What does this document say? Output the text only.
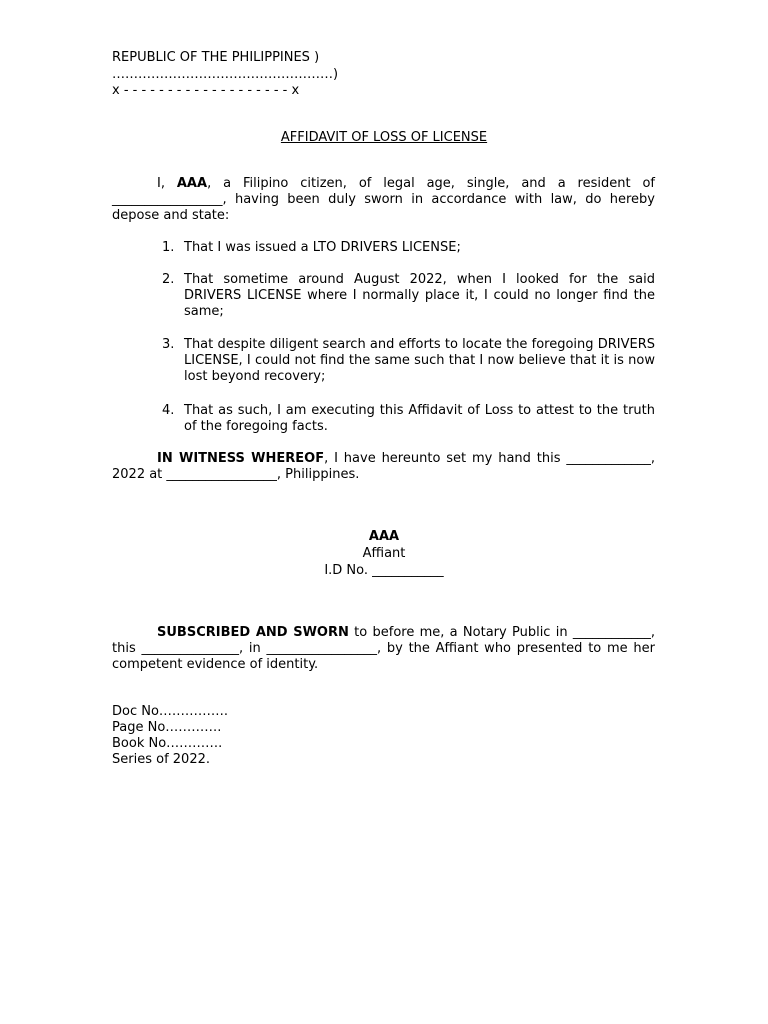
REPUBLIC OF THE PHILIPPINES )
……………………………………………)
x - - - - - - - - - - - - - - - - - - - x
AFFIDAVIT OF LOSS OF LICENSE
I, AAA, a Filipino citizen, of legal age, single, and a resident of _________________, having been duly sworn in accordance with law, do hereby depose and state:
1. That I was issued a LTO DRIVERS LICENSE;
2. That sometime around August 2022, when I looked for the said DRIVERS LICENSE where I normally place it, I could no longer find the same;
3. That despite diligent search and efforts to locate the foregoing DRIVERS LICENSE, I could not find the same such that I now believe that it is now lost beyond recovery;
4. That as such, I am executing this Affidavit of Loss to attest to the truth of the foregoing facts.
IN WITNESS WHEREOF, I have hereunto set my hand this _____________, 2022 at _________________, Philippines.
AAA
Affiant
I.D No. ___________
SUBSCRIBED AND SWORN to before me, a Notary Public in ____________, this _______________, in _________________, by the Affiant who presented to me her competent evidence of identity.
Doc No…………….
Page No………….
Book No………….
Series of 2022.
